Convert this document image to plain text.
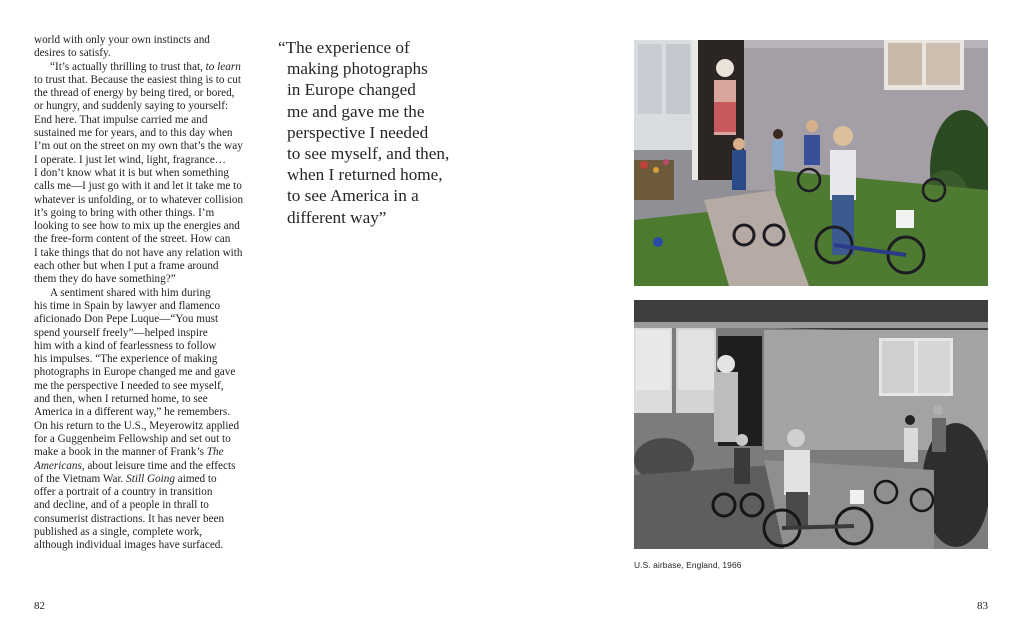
world with only your own instincts and
desires to satisfy.
“It’s actually thrilling to trust that, to learn
to trust that. Because the easiest thing is to cut
the thread of energy by being tired, or bored,
or hungry, and suddenly saying to yourself:
End here. That impulse carried me and
sustained me for years, and to this day when
I’m out on the street on my own that’s the way
I operate. I just let wind, light, fragrance…
I don’t know what it is but when something
calls me—I just go with it and let it take me to
whatever is unfolding, or to whatever collision
it’s going to bring with other things. I’m
looking to see how to mix up the energies and
the free-form content of the street. How can
I take things that do not have any relation with
each other but when I put a frame around
them they do have something?”
A sentiment shared with him during
his time in Spain by lawyer and flamenco
aficionado Don Pepe Luque—“You must
spend yourself freely”—helped inspire
him with a kind of fearlessness to follow
his impulses. “The experience of making
photographs in Europe changed me and gave
me the perspective I needed to see myself,
and then, when I returned home, to see
America in a different way,” he remembers.
On his return to the U.S., Meyerowitz applied
for a Guggenheim Fellowship and set out to
make a book in the manner of Frank’s The
Americans, about leisure time and the effects
of the Vietnam War. Still Going aimed to
offer a portrait of a country in transition
and decline, and of a people in thrall to
consumerist distractions. It has never been
published as a single, complete work,
although individual images have surfaced.
“The experience of
making photographs
in Europe changed
me and gave me the
perspective I needed
to see myself, and then,
when I returned home,
to see America in a
different way”
82
U.S. airbase, England, 1966
83
